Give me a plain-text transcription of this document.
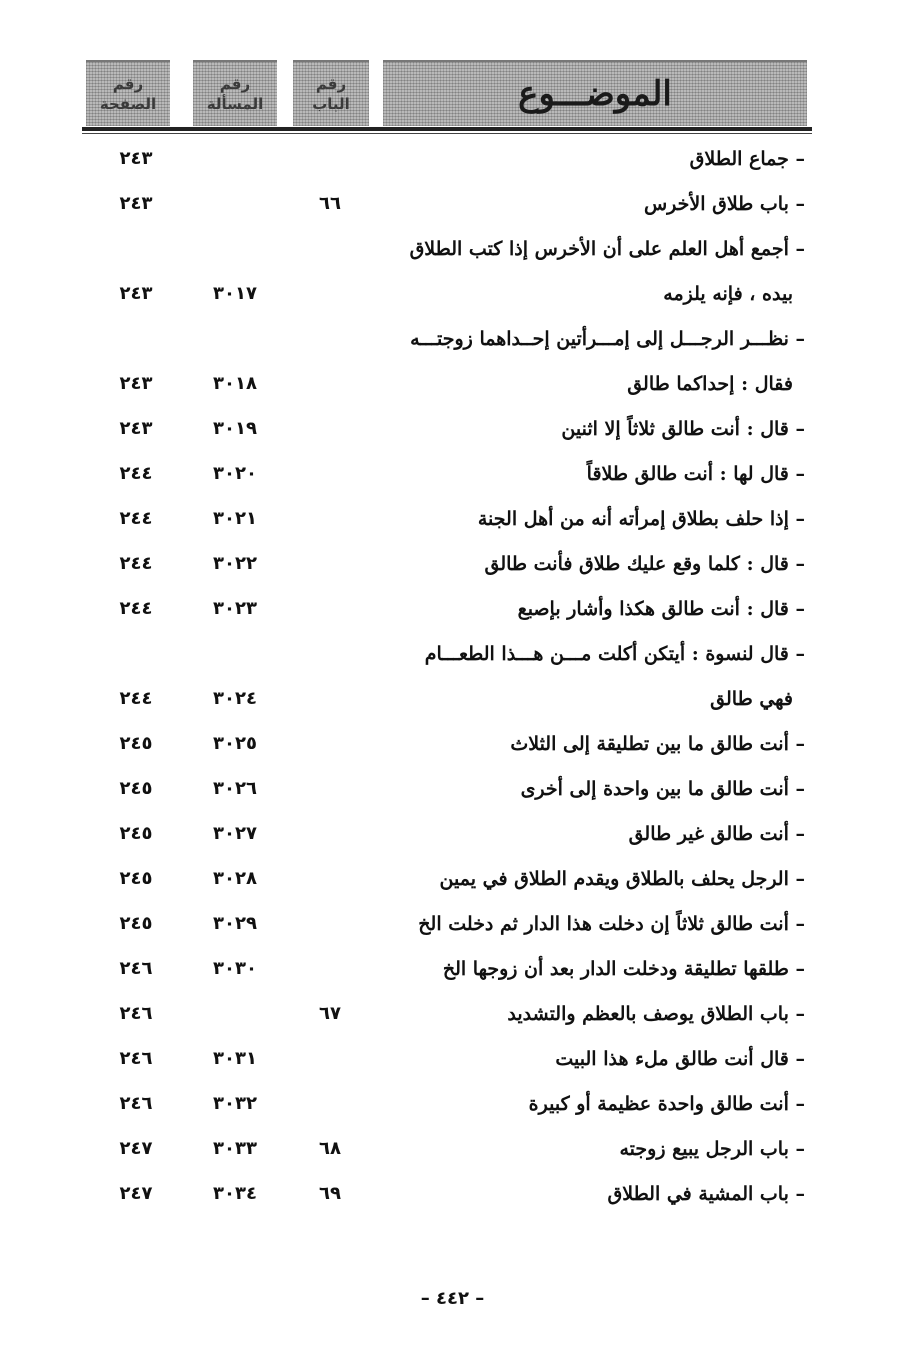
رقم
الصفحة
رقم
المسألة
رقم
الباب	الموضـــوع
– جماع الطلاق
٢٤٣
– باب طلاق الأخرس
٦٦
٢٤٣
– أجمع أهل العلم على أن الأخرس إذا كتب الطلاق
بيده ، فإنه يلزمه
٣٠١٧
٢٤٣
– نظـــر الرجـــل إلى إمـــرأتين إحــداهما زوجتـــه
فقال : إحداكما طالق
٣٠١٨
٢٤٣
– قال : أنت طالق ثلاثاً إلا اثنين
٣٠١٩
٢٤٣
– قال لها : أنت طالق طلاقاً
٣٠٢٠
٢٤٤
– إذا حلف بطلاق إمرأته أنه من أهل الجنة
٣٠٢١
٢٤٤
– قال : كلما وقع عليك طلاق فأنت طالق
٣٠٢٢
٢٤٤
– قال : أنت طالق هكذا وأشار بإصبع
٣٠٢٣
٢٤٤
– قال لنسوة : أيتكن أكلت مـــن هـــذا الطعـــام
فهي طالق
٣٠٢٤
٢٤٤
– أنت طالق ما بين تطليقة إلى الثلاث
٣٠٢٥
٢٤٥
– أنت طالق ما بين واحدة إلى أخرى
٣٠٢٦
٢٤٥
– أنت طالق غير طالق
٣٠٢٧
٢٤٥
– الرجل يحلف بالطلاق ويقدم الطلاق في يمين
٣٠٢٨
٢٤٥
– أنت طالق ثلاثاً إن دخلت هذا الدار ثم دخلت الخ
٣٠٢٩
٢٤٥
– طلقها تطليقة ودخلت الدار بعد أن زوجها الخ
٣٠٣٠
٢٤٦
– باب الطلاق يوصف بالعظم والتشديد
٦٧
٢٤٦
– قال أنت طالق ملء هذا البيت
٣٠٣١
٢٤٦
– أنت طالق واحدة عظيمة أو كبيرة
٣٠٣٢
٢٤٦
– باب الرجل يبيع زوجته
٦٨
٣٠٣٣
٢٤٧
– باب المشية في الطلاق
٦٩
٣٠٣٤
٢٤٧
– ٤٤٢ –
